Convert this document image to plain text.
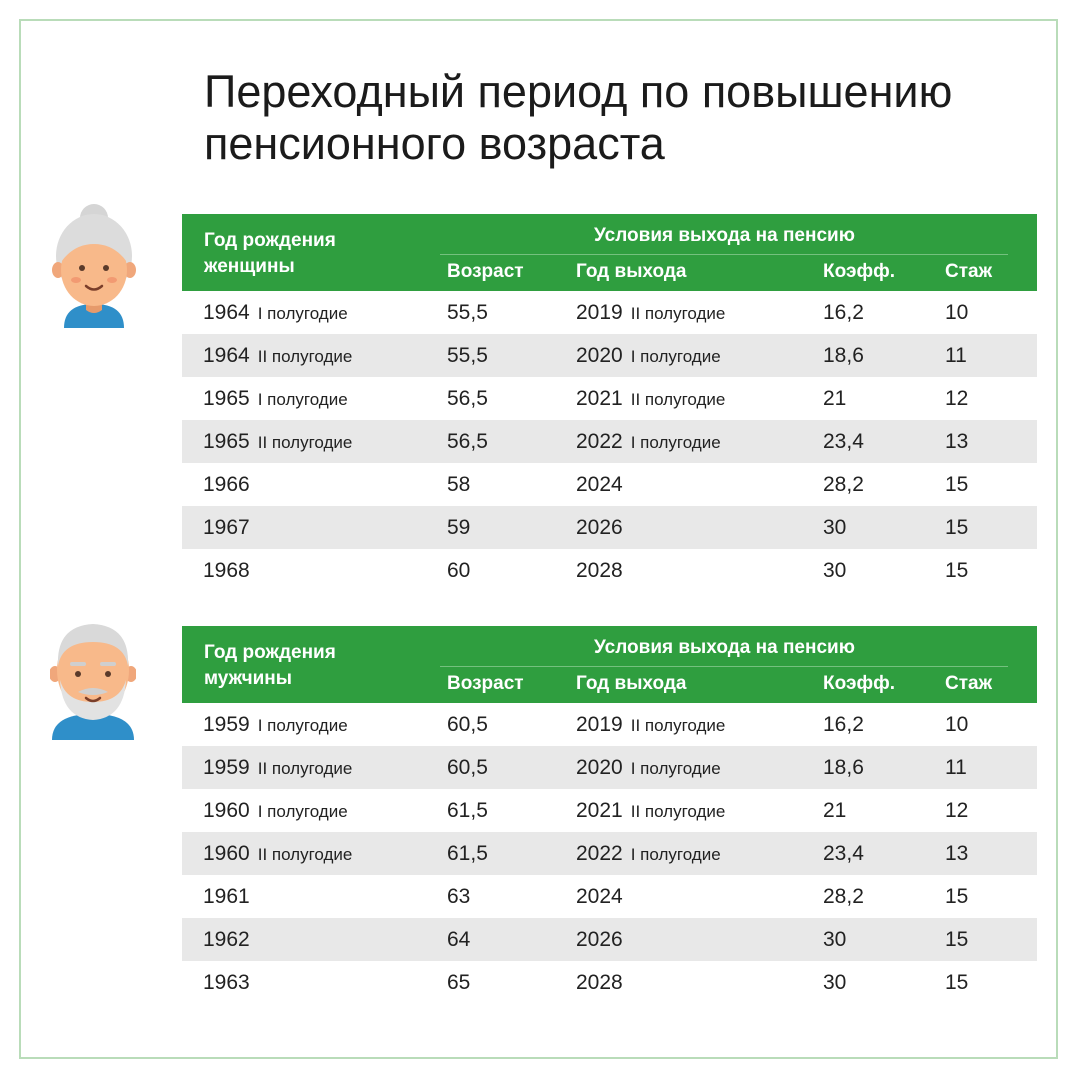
Переходный период по повышению
пенсионного возраста
Год рождения
женщины
Условия выхода на пенсию
Возраст	Год выхода	Коэфф.	Стаж
1964 I полугодие	55,5	2019 II полугодие	16,2	10
1964 II полугодие	55,5	2020 I полугодие	18,6	11
1965 I полугодие	56,5	2021 II полугодие	21	12
1965 II полугодие	56,5	2022 I полугодие	23,4	13
1966	58	2024	28,2	15
1967	59	2026	30	15
1968	60	2028	30	15
Год рождения
мужчины
Условия выхода на пенсию
Возраст	Год выхода	Коэфф.	Стаж
1959 I полугодие	60,5	2019 II полугодие	16,2	10
1959 II полугодие	60,5	2020 I полугодие	18,6	11
1960 I полугодие	61,5	2021 II полугодие	21	12
1960 II полугодие	61,5	2022 I полугодие	23,4	13
1961	63	2024	28,2	15
1962	64	2026	30	15
1963	65	2028	30	15
